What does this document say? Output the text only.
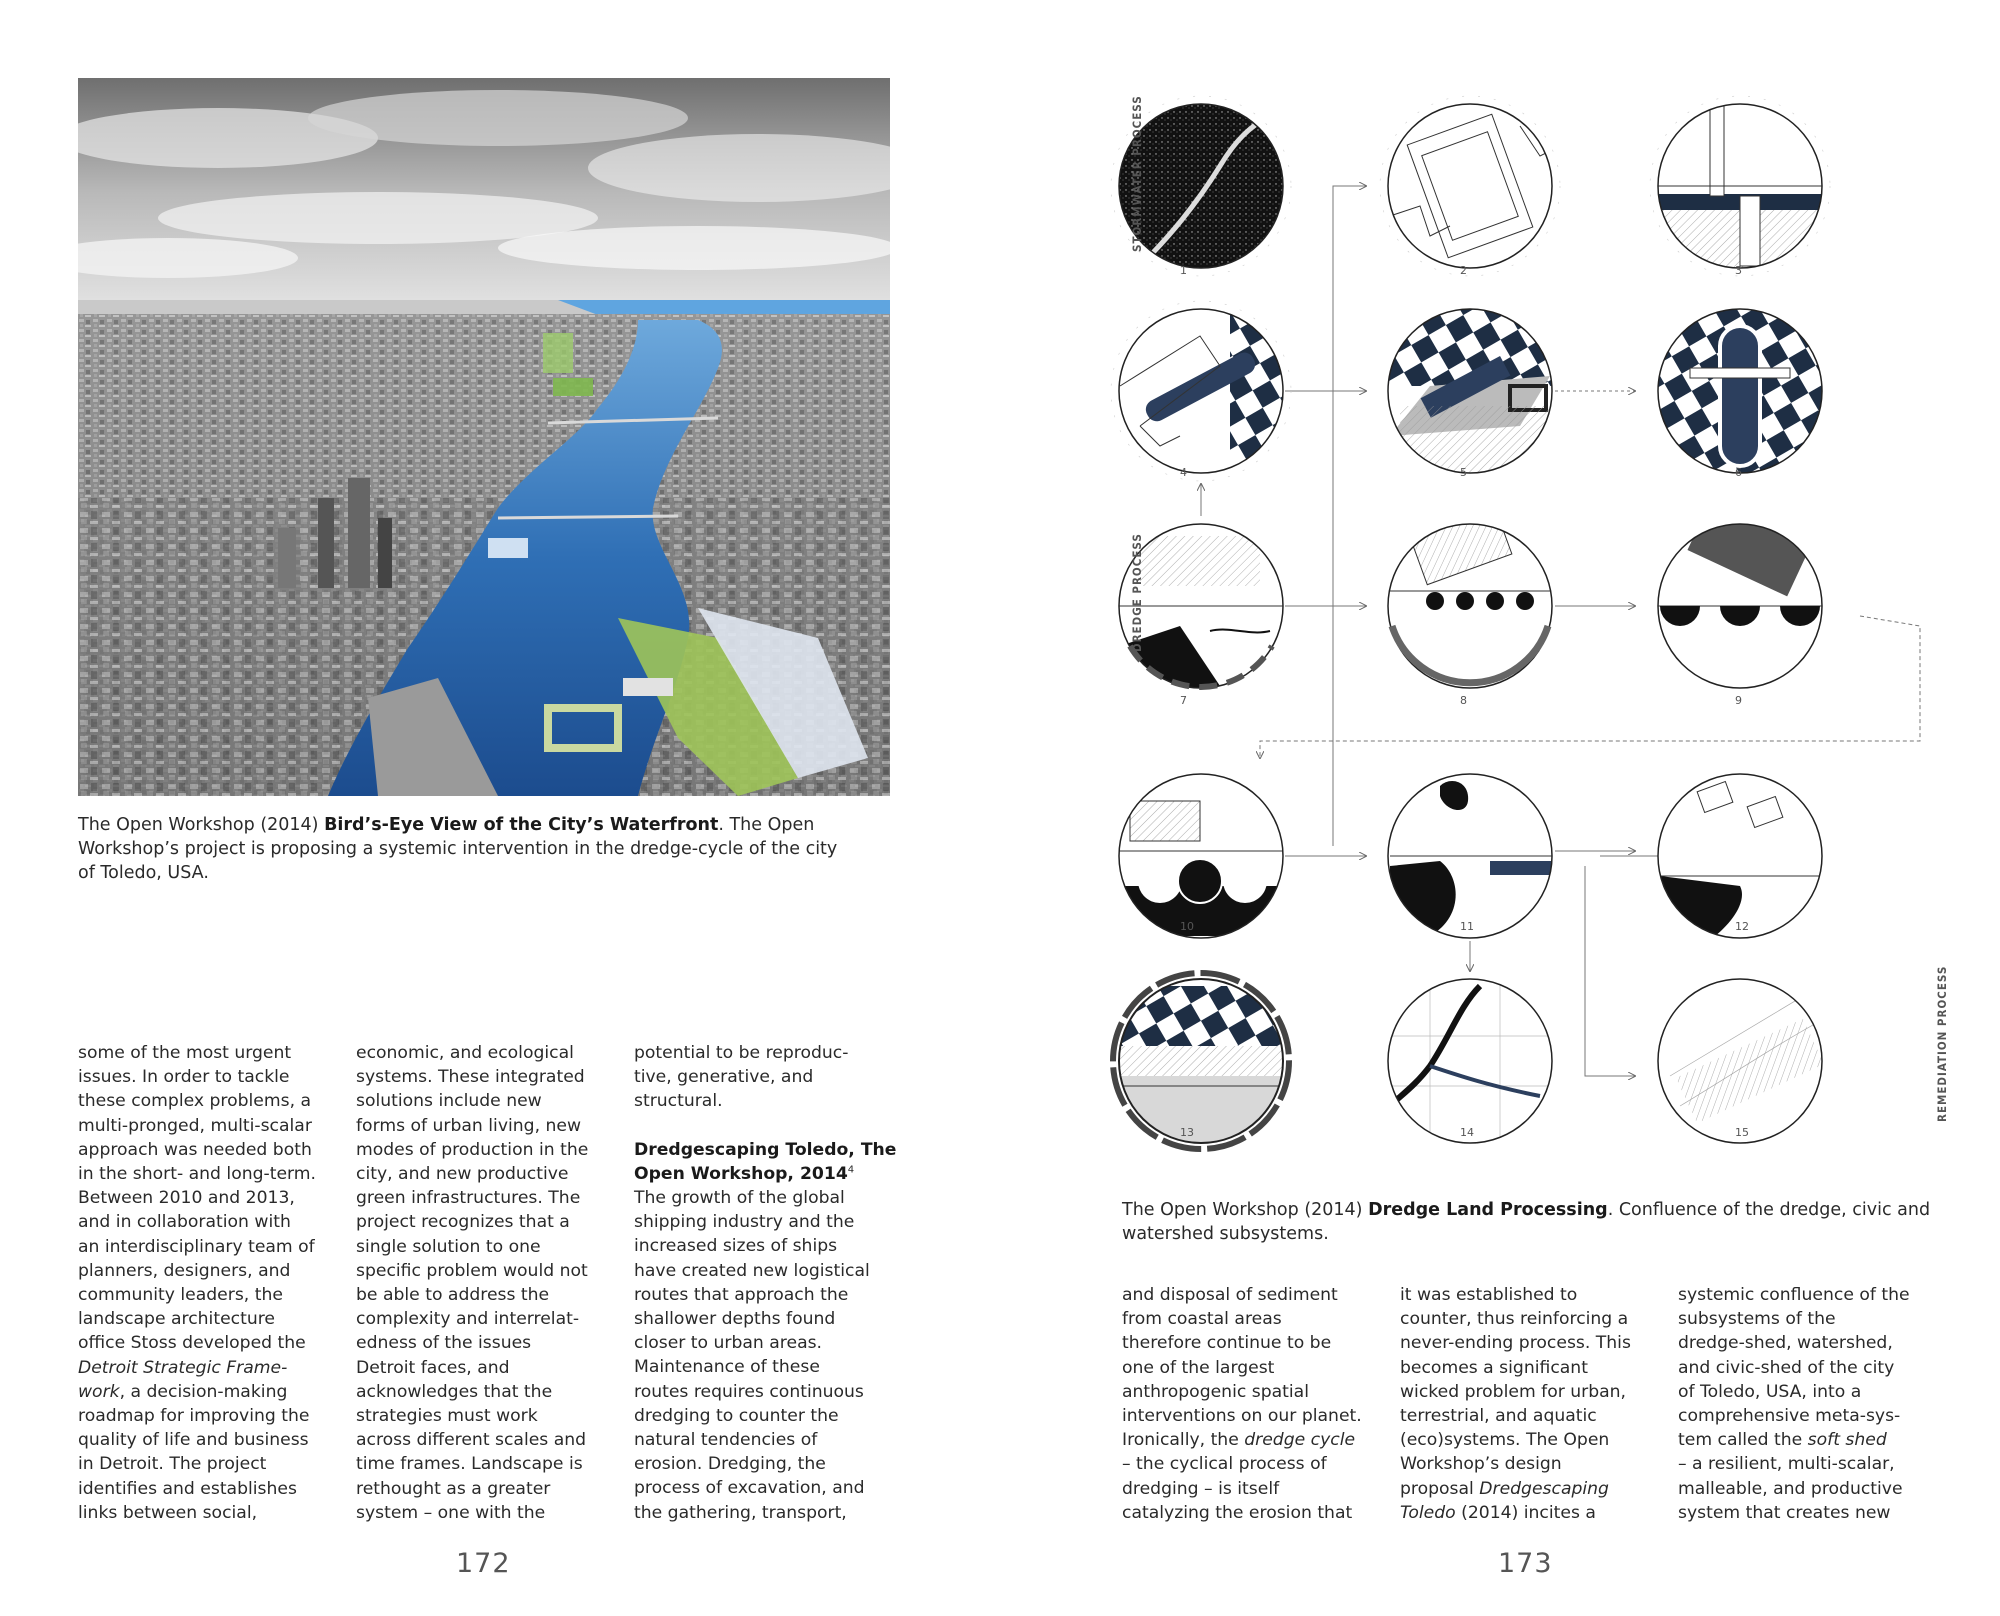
The Open Workshop (2014) Bird’s-Eye View of the City’s Waterfront. The Open
Workshop’s project is proposing a systemic intervention in the dredge-cycle of the city
of Toledo, USA.
some of the most urgent
issues. In order to tackle
these complex problems, a
multi-pronged, multi-scalar
approach was needed both
in the short- and long-term.
Between 2010 and 2013,
and in collaboration with
an interdisciplinary team of
planners, designers, and
community leaders, the
landscape architecture
office Stoss developed the
Detroit Strategic Frame-
work, a decision-making
roadmap for improving the
quality of life and business
in Detroit. The project
identifies and establishes
links between social,
economic, and ecological
systems. These integrated
solutions include new
forms of urban living, new
modes of production in the
city, and new productive
green infrastructures. The
project recognizes that a
single solution to one
specific problem would not
be able to address the
complexity and interrelat-
edness of the issues
Detroit faces, and
acknowledges that the
strategies must work
across different scales and
time frames. Landscape is
rethought as a greater
system – one with the
potential to be reproduc-
tive, generative, and
structural.
Dredgescaping Toledo, The
Open Workshop, 2014$^4$
The growth of the global
shipping industry and the
increased sizes of ships
have created new logistical
routes that approach the
shallower depths found
closer to urban areas.
Maintenance of these
routes requires continuous
dredging to counter the
natural tendencies of
erosion. Dredging, the
process of excavation, and
the gathering, transport,
172
STORMWATER PROCESS
DREDGE PROCESS
REMEDIATION PROCESS
1	2	3
4	5	6
7	8	9
10	11	12
13	14	15
The Open Workshop (2014) Dredge Land Processing. Confluence of the dredge, civic and
watershed subsystems.
and disposal of sediment
from coastal areas
therefore continue to be
one of the largest
anthropogenic spatial
interventions on our planet.
Ironically, the dredge cycle
– the cyclical process of
dredging – is itself
catalyzing the erosion that
it was established to
counter, thus reinforcing a
never-ending process. This
becomes a significant
wicked problem for urban,
terrestrial, and aquatic
(eco)systems. The Open
Workshop’s design
proposal Dredgescaping
Toledo (2014) incites a
systemic confluence of the
subsystems of the
dredge-shed, watershed,
and civic-shed of the city
of Toledo, USA, into a
comprehensive meta-sys-
tem called the soft shed
– a resilient, multi-scalar,
malleable, and productive
system that creates new
173
